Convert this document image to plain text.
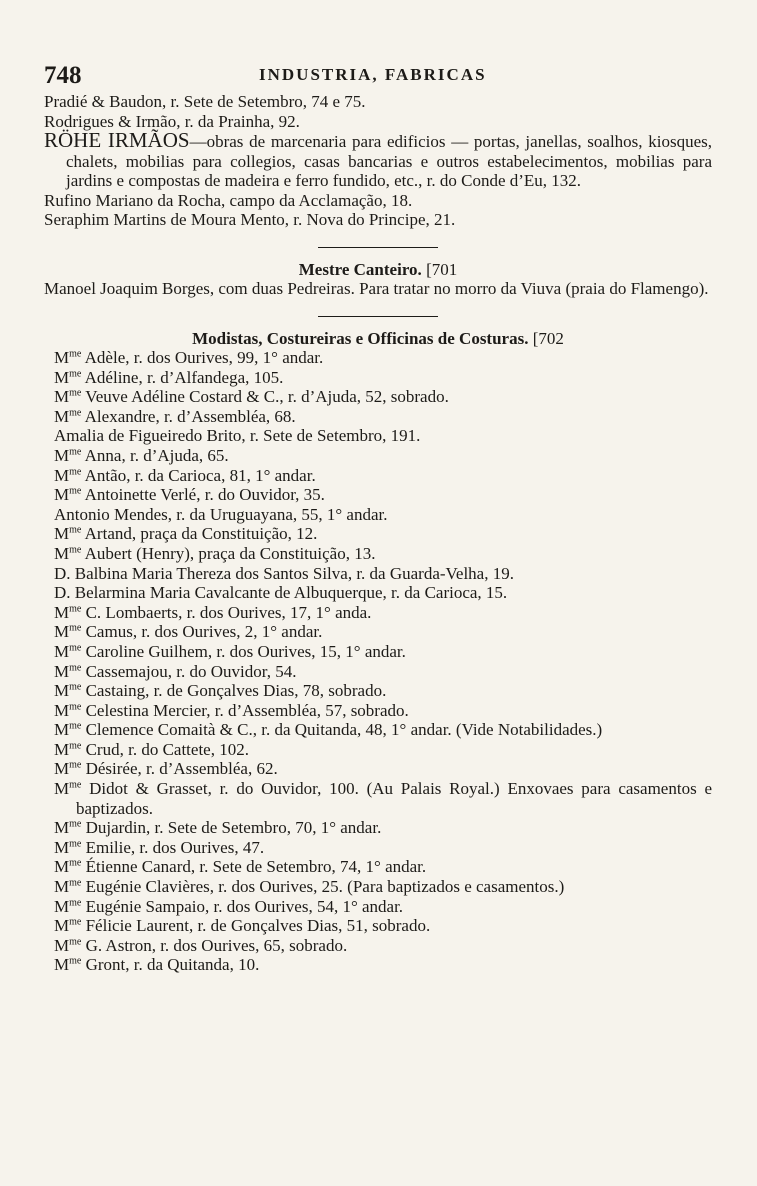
748	INDUSTRIA, FABRICAS

Pradié & Baudon, r. Sete de Setembro, 74 e 75.

Rodrigues & Irmão, r. da Prainha, 92.

RÖHE IRMÃOS—obras de marcenaria para edificios — portas, janellas, soalhos, kiosques, chalets, mobilias para collegios, casas bancarias e outros estabelecimentos, mobilias para jardins e compostas de madeira e ferro fundido, etc., r. do Conde d’Eu, 132.

Rufino Mariano da Rocha, campo da Acclamação, 18.

Seraphim Martins de Moura Mento, r. Nova do Principe, 21.

Mestre Canteiro. [701

Manoel Joaquim Borges, com duas Pedreiras. Para tratar no morro da Viuva (praia do Flamengo).

Modistas, Costureiras e Officinas de Costuras. [702

$M^{me}$ Adèle, r. dos Ourives, 99, 1° andar.

$M^{me}$ Adéline, r. d’Alfandega, 105.

$M^{me}$ Veuve Adéline Costard & C., r. d’Ajuda, 52, sobrado.

$M^{me}$ Alexandre, r. d’Assembléa, 68.

Amalia de Figueiredo Brito, r. Sete de Setembro, 191.

$M^{me}$ Anna, r. d’Ajuda, 65.

$M^{me}$ Antão, r. da Carioca, 81, 1° andar.

$M^{me}$ Antoinette Verlé, r. do Ouvidor, 35.

Antonio Mendes, r. da Uruguayana, 55, 1° andar.

$M^{me}$ Artand, praça da Constituição, 12.

$M^{me}$ Aubert (Henry), praça da Constituição, 13.

D. Balbina Maria Thereza dos Santos Silva, r. da Guarda-Velha, 19.

D. Belarmina Maria Cavalcante de Albuquerque, r. da Carioca, 15.

$M^{me}$ C. Lombaerts, r. dos Ourives, 17, 1° anda.

$M^{me}$ Camus, r. dos Ourives, 2, 1° andar.

$M^{me}$ Caroline Guilhem, r. dos Ourives, 15, 1° andar.

$M^{me}$ Cassemajou, r. do Ouvidor, 54.

$M^{me}$ Castaing, r. de Gonçalves Dias, 78, sobrado.

$M^{me}$ Celestina Mercier, r. d’Assembléa, 57, sobrado.

$M^{me}$ Clemence Comaità & C., r. da Quitanda, 48, 1° andar. (Vide Notabilidades.)

$M^{me}$ Crud, r. do Cattete, 102.

$M^{me}$ Désirée, r. d’Assembléa, 62.

$M^{me}$ Didot & Grasset, r. do Ouvidor, 100. (Au Palais Royal.) Enxovaes para casamentos e baptizados.

$M^{me}$ Dujardin, r. Sete de Setembro, 70, 1° andar.

$M^{me}$ Emilie, r. dos Ourives, 47.

$M^{me}$ Étienne Canard, r. Sete de Setembro, 74, 1° andar.

$M^{me}$ Eugénie Clavières, r. dos Ourives, 25. (Para baptizados e casamentos.)

$M^{me}$ Eugénie Sampaio, r. dos Ourives, 54, 1° andar.

$M^{me}$ Félicie Laurent, r. de Gonçalves Dias, 51, sobrado.

$M^{me}$ G. Astron, r. dos Ourives, 65, sobrado.

$M^{me}$ Gront, r. da Quitanda, 10.
